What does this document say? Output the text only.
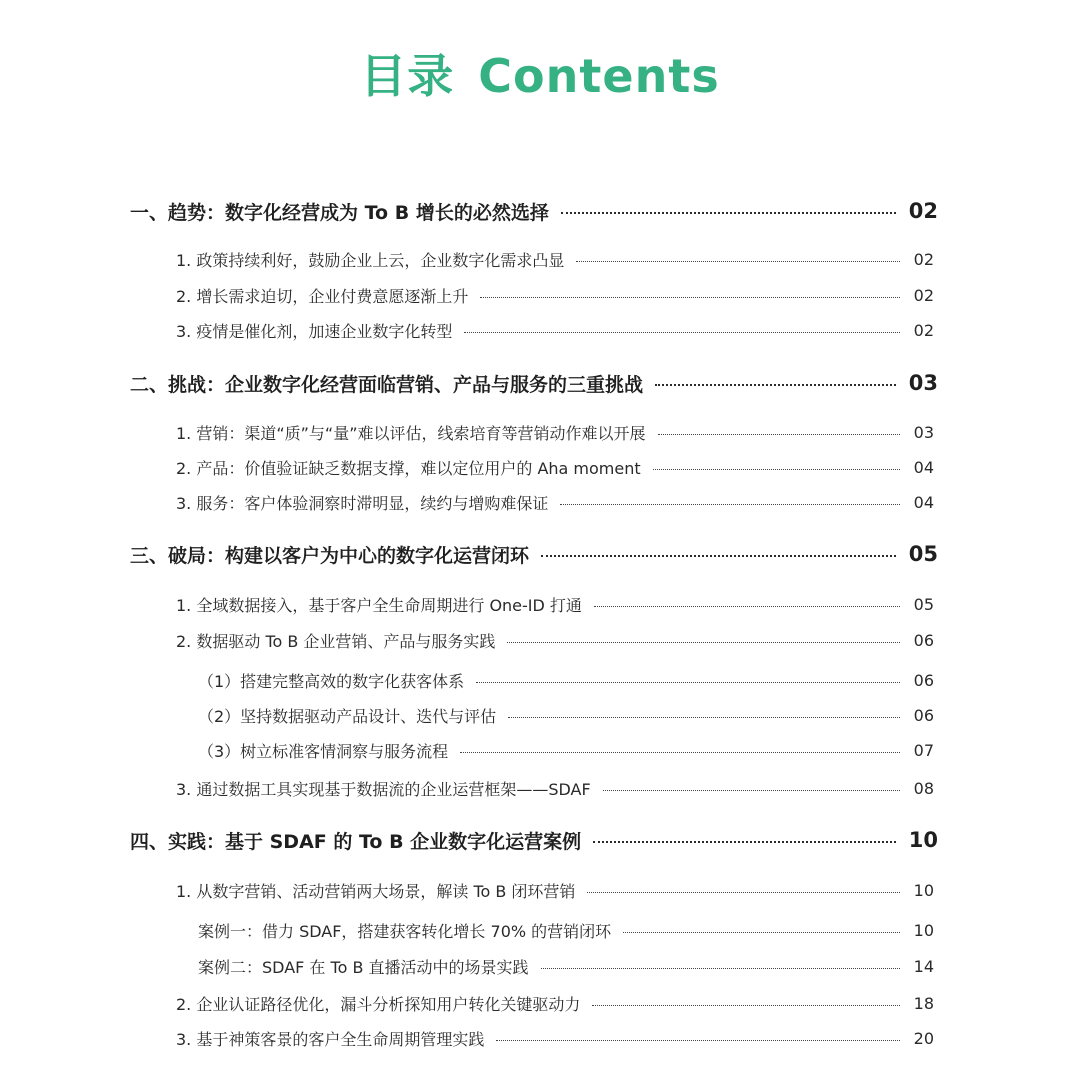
目录 Contents
一、趋势：数字化经营成为 To B 增长的必然选择	02
1. 政策持续利好，鼓励企业上云，企业数字化需求凸显	02
2. 增长需求迫切，企业付费意愿逐渐上升	02
3. 疫情是催化剂，加速企业数字化转型	02
二、挑战：企业数字化经营面临营销、产品与服务的三重挑战	03
1. 营销：渠道“质”与“量”难以评估，线索培育等营销动作难以开展	03
2. 产品：价值验证缺乏数据支撑，难以定位用户的 Aha moment	04
3. 服务：客户体验洞察时滞明显，续约与增购难保证	04
三、破局：构建以客户为中心的数字化运营闭环	05
1. 全域数据接入，基于客户全生命周期进行 One-ID 打通	05
2. 数据驱动 To B 企业营销、产品与服务实践	06
（1）搭建完整高效的数字化获客体系	06
（2）坚持数据驱动产品设计、迭代与评估	06
（3）树立标准客情洞察与服务流程	07
3. 通过数据工具实现基于数据流的企业运营框架——SDAF	08
四、实践：基于 SDAF 的 To B 企业数字化运营案例	10
1. 从数字营销、活动营销两大场景，解读 To B 闭环营销	10
案例一：借力 SDAF，搭建获客转化增长 70% 的营销闭环	10
案例二：SDAF 在 To B 直播活动中的场景实践	14
2. 企业认证路径优化，漏斗分析探知用户转化关键驱动力	18
3. 基于神策客景的客户全生命周期管理实践	20
